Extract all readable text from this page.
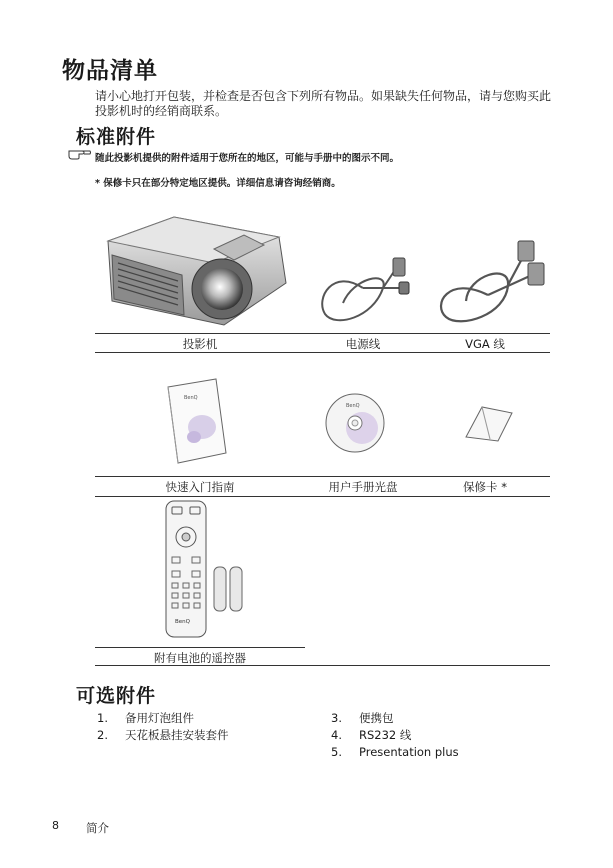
物品清单
请小心地打开包装，并检查是否包含下列所有物品。如果缺失任何物品，请与您购买此投影机时的经销商联系。
标准附件
随此投影机提供的附件适用于您所在的地区，可能与手册中的图示不同。
* 保修卡只在部分特定地区提供。详细信息请咨询经销商。
投影机	电源线	VGA 线
BenQ
BenQ
快速入门指南	用户手册光盘	保修卡 *
BenQ
附有电池的遥控器
可选附件
1. 备用灯泡组件
2. 天花板悬挂安装套件
3. 便携包
4. RS232 线
5. Presentation plus
8 简介
